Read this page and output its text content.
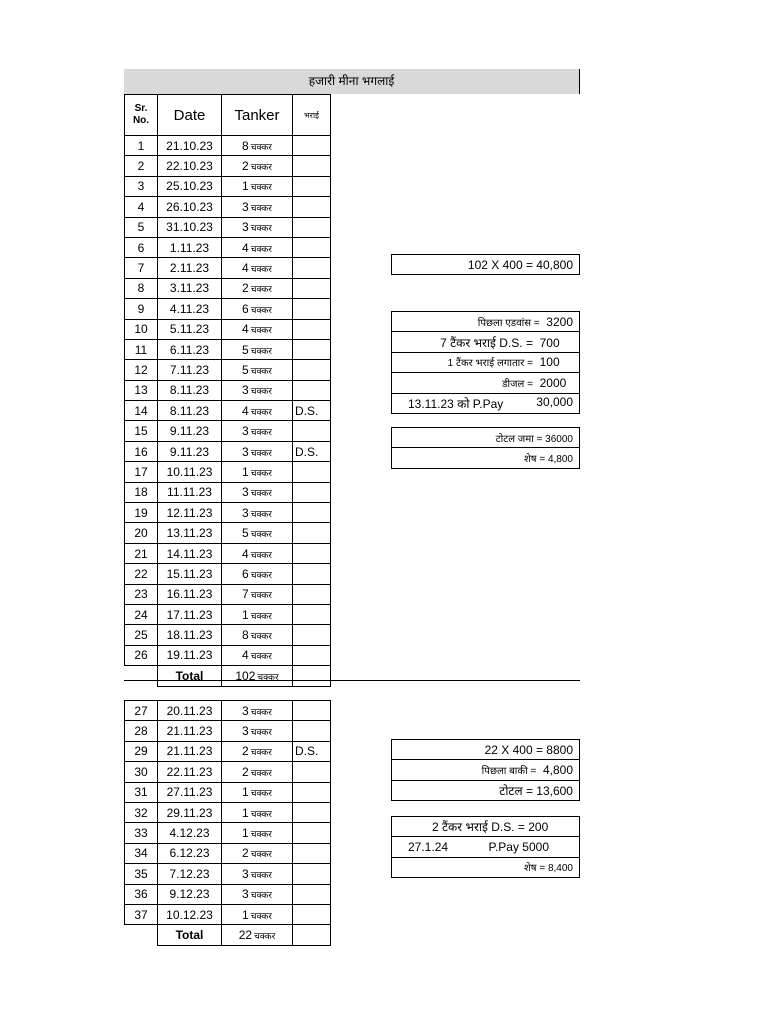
हजारी मीना भगलाई
Sr.
No.	Date	Tanker	भराई
1	21.10.23	8 चक्कर	
2	22.10.23	2 चक्कर	
3	25.10.23	1 चक्कर	
4	26.10.23	3 चक्कर	
5	31.10.23	3 चक्कर	
6	1.11.23	4 चक्कर	
7	2.11.23	4 चक्कर	
8	3.11.23	2 चक्कर	
9	4.11.23	6 चक्कर	
10	5.11.23	4 चक्कर	
11	6.11.23	5 चक्कर	
12	7.11.23	5 चक्कर	
13	8.11.23	3 चक्कर	
14	8.11.23	4 चक्कर	D.S.
15	9.11.23	3 चक्कर	
16	9.11.23	3 चक्कर	D.S.
17	10.11.23	1 चक्कर	
18	11.11.23	3 चक्कर	
19	12.11.23	3 चक्कर	
20	13.11.23	5 चक्कर	
21	14.11.23	4 चक्कर	
22	15.11.23	6 चक्कर	
23	16.11.23	7 चक्कर	
24	17.11.23	1 चक्कर	
25	18.11.23	8 चक्कर	
26	19.11.23	4 चक्कर	
	Total	102 चक्कर	
27	20.11.23	3 चक्कर	
28	21.11.23	3 चक्कर	
29	21.11.23	2 चक्कर	D.S.
30	22.11.23	2 चक्कर	
31	27.11.23	1 चक्कर	
32	29.11.23	1 चक्कर	
33	4.12.23	1 चक्कर	
34	6.12.23	2 चक्कर	
35	7.12.23	3 चक्कर	
36	9.12.23	3 चक्कर	
37	10.12.23	1 चक्कर	
	Total	22 चक्कर	
102 X 400 = 40,800
पिछला एडवांस = 3200
7 टैंकर भराई D.S. = 700
1 टैंकर भराई लगातार = 100
डीजल = 2000
13.11.23 को P.Pay	30,000
टोटल जमा = 36000
शेष = 4,800
22 X 400 = 8800
पिछला बाकी = 4,800
टोटल = 13,600
2 टैंकर भराई D.S. = 200
27.1.24	P.Pay 5000

शेष = 8,400
